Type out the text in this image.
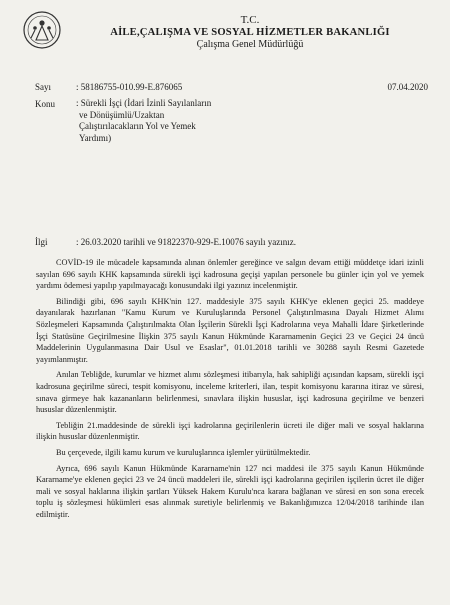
T.C.
AİLE,ÇALIŞMA VE SOSYAL HİZMETLER BAKANLIĞI
Çalışma Genel Müdürlüğü
Sayı	: 58186755-010.99-E.876065	07.04.2020
Konu : Sürekli İşçi (İdari İzinli Sayılanların
ve Dönüşümlü/Uzaktan
Çalıştırılacakların Yol ve Yemek
Yardımı)
İlgi	: 26.03.2020 tarihli ve 91822370-929-E.10076 sayılı yazınız.

COVİD-19 ile mücadele kapsamında alınan önlemler gereğince ve salgın devam ettiği müddetçe idari izinli sayılan 696 sayılı KHK kapsamında sürekli işçi kadrosuna geçişi yapılan personele bu günler için yol ve yemek yardımı ödemesi yapılıp yapılmayacağı konusundaki ilgi yazınız incelenmiştir.

Bilindiği gibi, 696 sayılı KHK'nin 127. maddesiyle 375 sayılı KHK'ye eklenen geçici 25. maddeye dayanılarak hazırlanan "Kamu Kurum ve Kuruluşlarında Personel Çalıştırılmasına Dayalı Hizmet Alımı Sözleşmeleri Kapsamında Çalıştırılmakta Olan İşçilerin Sürekli İşçi Kadrolarına veya Mahalli İdare Şirketlerinde İşçi Statüsüne Geçirilmesine İlişkin 375 sayılı Kanun Hükmünde Kararnamenin Geçici 23 ve Geçici 24 üncü Maddelerinin Uygulanmasına Dair Usul ve Esaslar", 01.01.2018 tarihli ve 30288 sayılı Resmi Gazetede yayımlanmıştır.

Anılan Tebliğde, kurumlar ve hizmet alımı sözleşmesi itibarıyla, hak sahipliği açısından kapsam, sürekli işçi kadrosuna geçirilme süreci, tespit komisyonu, inceleme kriterleri, ilan, tespit komisyonu kararına itiraz ve süresi, sınava girmeye hak kazananların belirlenmesi, sınavlara ilişkin hususlar, işçi kadrosuna geçirilme ve benzeri hususlar düzenlenmiştir.

Tebliğin 21.maddesinde de sürekli işçi kadrolarına geçirilenlerin ücreti ile diğer mali ve sosyal haklarına ilişkin hususlar düzenlenmiştir.

Bu çerçevede, ilgili kamu kurum ve kuruluşlarınca işlemler yürütülmektedir.

Ayrıca, 696 sayılı Kanun Hükmünde Kararname'nin 127 nci maddesi ile 375 sayılı Kanun Hükmünde Kararname'ye eklenen geçici 23 ve 24 üncü maddeleri ile, sürekli işçi kadrolarına geçirilen işçilerin ücret ile diğer mali ve sosyal haklarına ilişkin şartları Yüksek Hakem Kurulu'nca karara bağlanan ve süresi en son sona erecek toplu iş sözleşmesi hükümleri esas alınmak suretiyle belirlenmiş ve Bakanlığımızca 12/04/2018 tarihinde ilan edilmiştir.
